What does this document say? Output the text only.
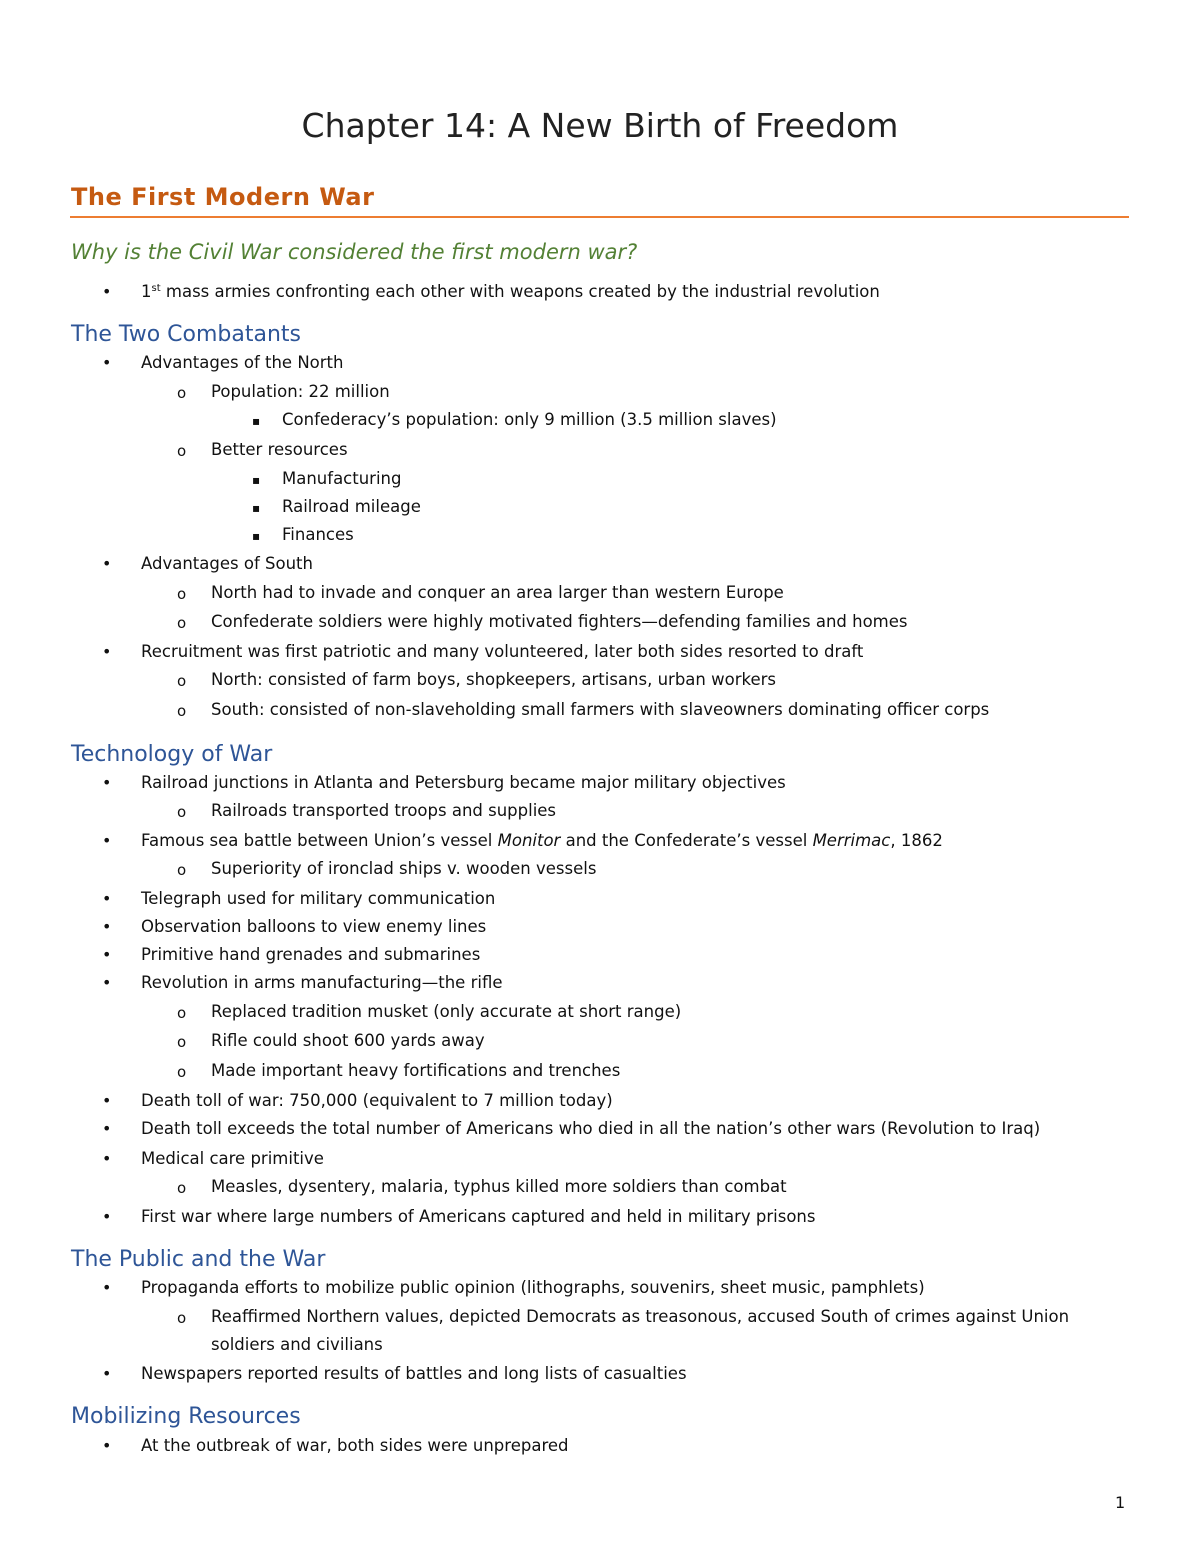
Chapter 14: A New Birth of Freedom
The First Modern War
Why is the Civil War considered the first modern war?
• 1st mass armies confronting each other with weapons created by the industrial revolution
The Two Combatants
• Advantages of the North
o Population: 22 million
▪ Confederacy’s population: only 9 million (3.5 million slaves)
o Better resources
▪ Manufacturing
▪ Railroad mileage
▪ Finances
• Advantages of South
o North had to invade and conquer an area larger than western Europe
o Confederate soldiers were highly motivated fighters—defending families and homes
• Recruitment was first patriotic and many volunteered, later both sides resorted to draft
o North: consisted of farm boys, shopkeepers, artisans, urban workers
o South: consisted of non-slaveholding small farmers with slaveowners dominating officer corps
Technology of War
• Railroad junctions in Atlanta and Petersburg became major military objectives
o Railroads transported troops and supplies
• Famous sea battle between Union’s vessel Monitor and the Confederate’s vessel Merrimac, 1862
o Superiority of ironclad ships v. wooden vessels
• Telegraph used for military communication
• Observation balloons to view enemy lines
• Primitive hand grenades and submarines
• Revolution in arms manufacturing—the rifle
o Replaced tradition musket (only accurate at short range)
o Rifle could shoot 600 yards away
o Made important heavy fortifications and trenches
• Death toll of war: 750,000 (equivalent to 7 million today)
• Death toll exceeds the total number of Americans who died in all the nation’s other wars (Revolution to Iraq)
• Medical care primitive
o Measles, dysentery, malaria, typhus killed more soldiers than combat
• First war where large numbers of Americans captured and held in military prisons
The Public and the War
• Propaganda efforts to mobilize public opinion (lithographs, souvenirs, sheet music, pamphlets)
o Reaffirmed Northern values, depicted Democrats as treasonous, accused South of crimes against Union
soldiers and civilians
• Newspapers reported results of battles and long lists of casualties
Mobilizing Resources
• At the outbreak of war, both sides were unprepared
1
